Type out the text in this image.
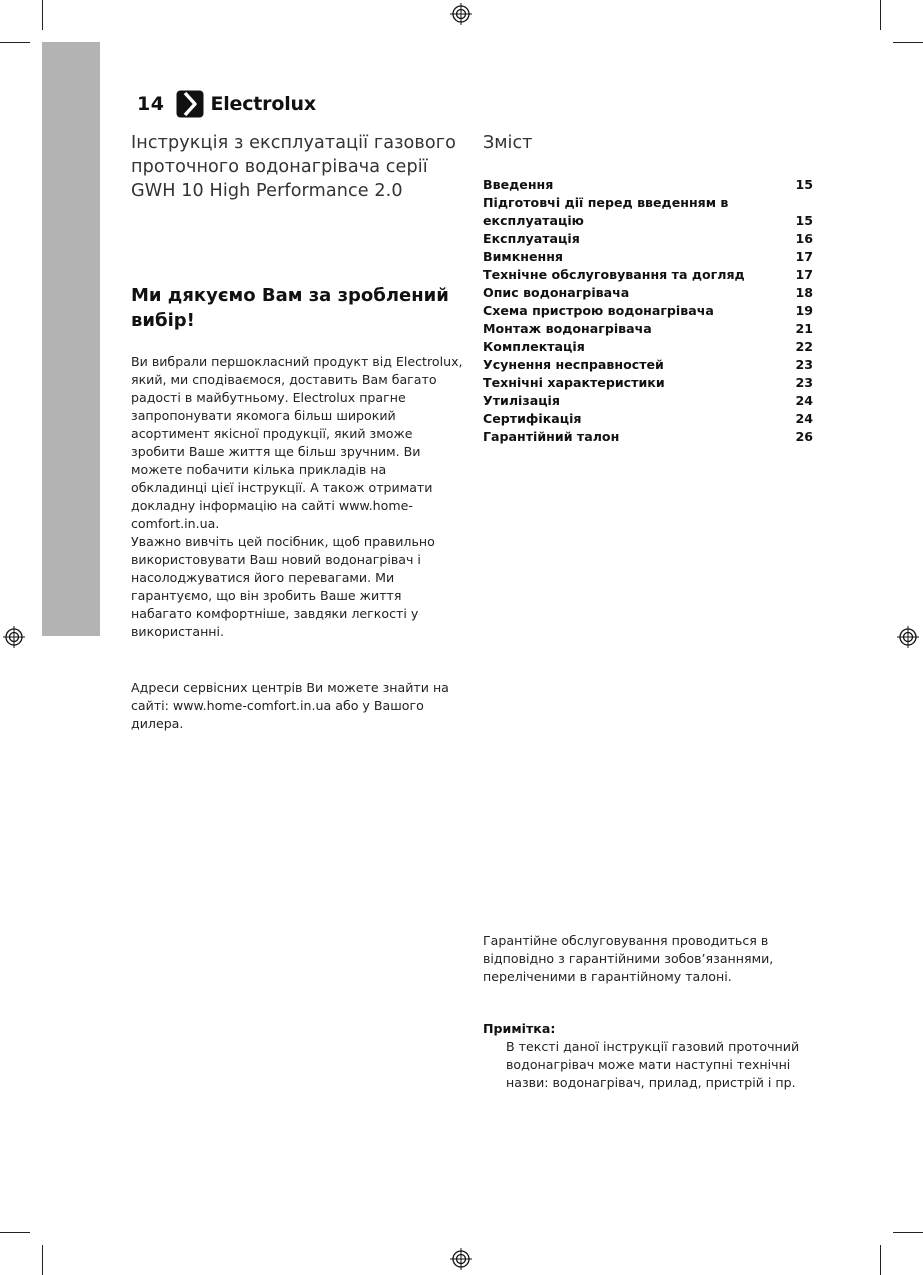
14 Electrolux
Інструкція з експлуатації газового проточного водонагрівача серії GWH 10 High Performance 2.0
Ми дякуємо Вам за зроблений вибір!

Ви вибрали першокласний продукт від Electrolux, який, ми сподіваємося, доставить Вам багато радості в майбутньому. Electrolux прагне запропонувати якомога більш широкий асортимент якісної продукції, який зможе зробити Ваше життя ще більш зручним. Ви можете побачити кілька прикладів на обкладинці цієї інструкції. А також отримати докладну інформацію на сайті www.home-comfort.in.ua.

Уважно вивчіть цей посібник, щоб правильно використовувати Ваш новий водонагрівач і насолоджуватися його перевагами. Ми гарантуємо, що він зробить Ваше життя набагато комфортніше, завдяки легкості у використанні.

Адреси сервісних центрів Ви можете знайти на сайті: www.home-comfort.in.ua або у Вашого дилера.
Зміст
Введення	15
Підготовчі дії перед введенням в експлуатацію	15
Експлуатація	16
Вимкнення	17
Технічне обслуговування та догляд	17
Опис водонагрівача	18
Схема пристрою водонагрівача	19
Монтаж водонагрівача	21
Комплектація	22
Усунення несправностей	23
Технічні характеристики	23
Утилізація	24
Сертифікація	24
Гарантійний талон	26
Гарантійне обслуговування проводиться в відповідно з гарантійними зобов’язаннями, переліченими в гарантійному талоні.
Примітка:
В тексті даної інструкції газовий проточний водонагрівач може мати наступні технічні назви: водонагрівач, прилад, пристрій і пр.
